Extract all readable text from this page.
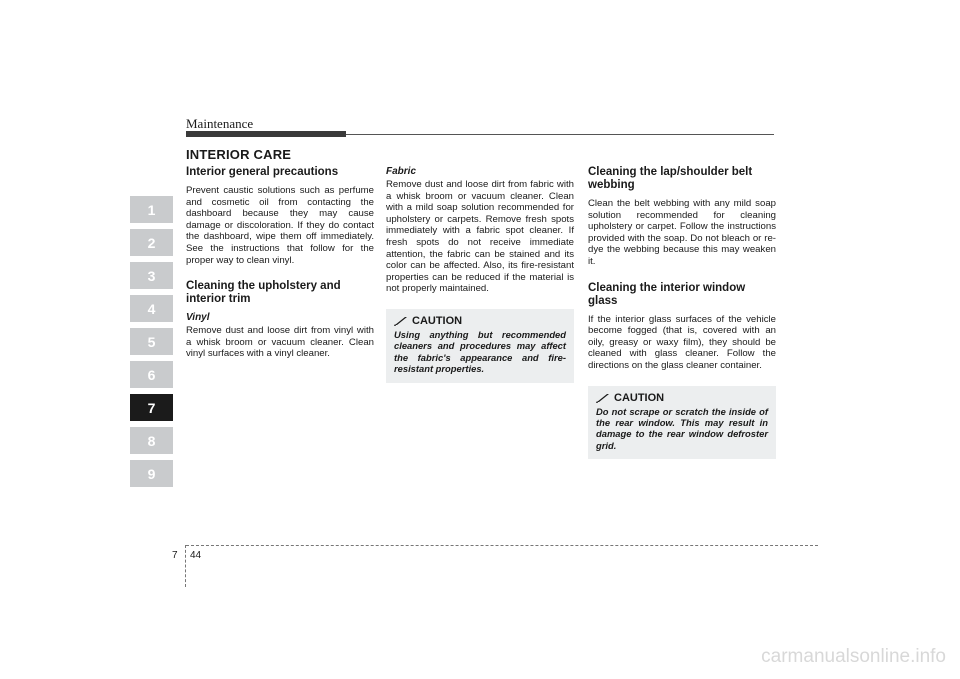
Maintenance
INTERIOR CARE
1
2
3
4
5
6
7
8
9
Interior general precautions

Prevent caustic solutions such as perfume and cosmetic oil from contacting the dashboard because they may cause damage or discoloration. If they do contact the dashboard, wipe them off immediately. See the instructions that follow for the proper way to clean vinyl.

Cleaning the upholstery and interior trim
Vinyl

Remove dust and loose dirt from vinyl with a whisk broom or vacuum cleaner. Clean vinyl surfaces with a vinyl cleaner.

Fabric

Remove dust and loose dirt from fabric with a whisk broom or vacuum cleaner. Clean with a mild soap solution recommended for upholstery or carpets. Remove fresh spots immediately with a fabric spot cleaner. If fresh spots do not receive immediate attention, the fabric can be stained and its color can be affected. Also, its fire-resistant properties can be reduced if the material is not properly maintained.

CAUTION
Using anything but recommended cleaners and procedures may affect the fabric's appearance and fire-resistant properties.
Cleaning the lap/shoulder belt webbing

Clean the belt webbing with any mild soap solution recommended for cleaning upholstery or carpet. Follow the instructions provided with the soap. Do not bleach or re-dye the webbing because this may weaken it.

Cleaning the interior window glass

If the interior glass surfaces of the vehicle become fogged (that is, covered with an oily, greasy or waxy film), they should be cleaned with glass cleaner. Follow the directions on the glass cleaner container.

CAUTION
Do not scrape or scratch the inside of the rear window. This may result in damage to the rear window defroster grid.
7 44
carmanualsonline.info
